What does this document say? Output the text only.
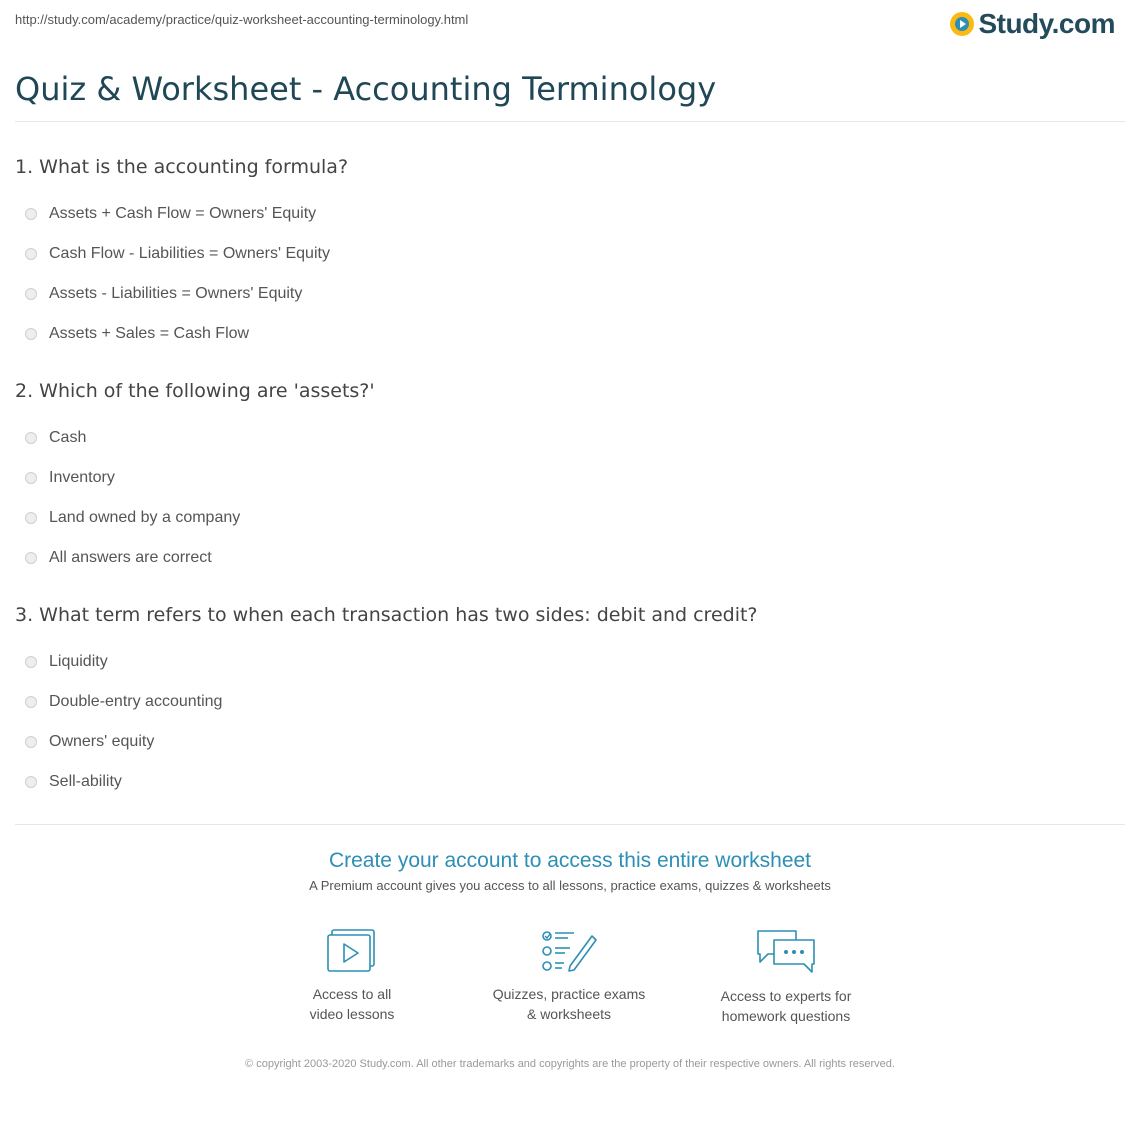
http://study.com/academy/practice/quiz-worksheet-accounting-terminology.html	Study.com
Quiz & Worksheet - Accounting Terminology
1. What is the accounting formula?
Assets + Cash Flow = Owners' Equity
Cash Flow - Liabilities = Owners' Equity
Assets - Liabilities = Owners' Equity
Assets + Sales = Cash Flow
2. Which of the following are 'assets?'
Cash
Inventory
Land owned by a company
All answers are correct
3. What term refers to when each transaction has two sides: debit and credit?
Liquidity
Double-entry accounting
Owners' equity
Sell-ability
Create your account to access this entire worksheet
A Premium account gives you access to all lessons, practice exams, quizzes & worksheets
Access to all
video lessons
Quizzes, practice exams
& worksheets
Access to experts for
homework questions
© copyright 2003-2020 Study.com. All other trademarks and copyrights are the property of their respective owners. All rights reserved.
